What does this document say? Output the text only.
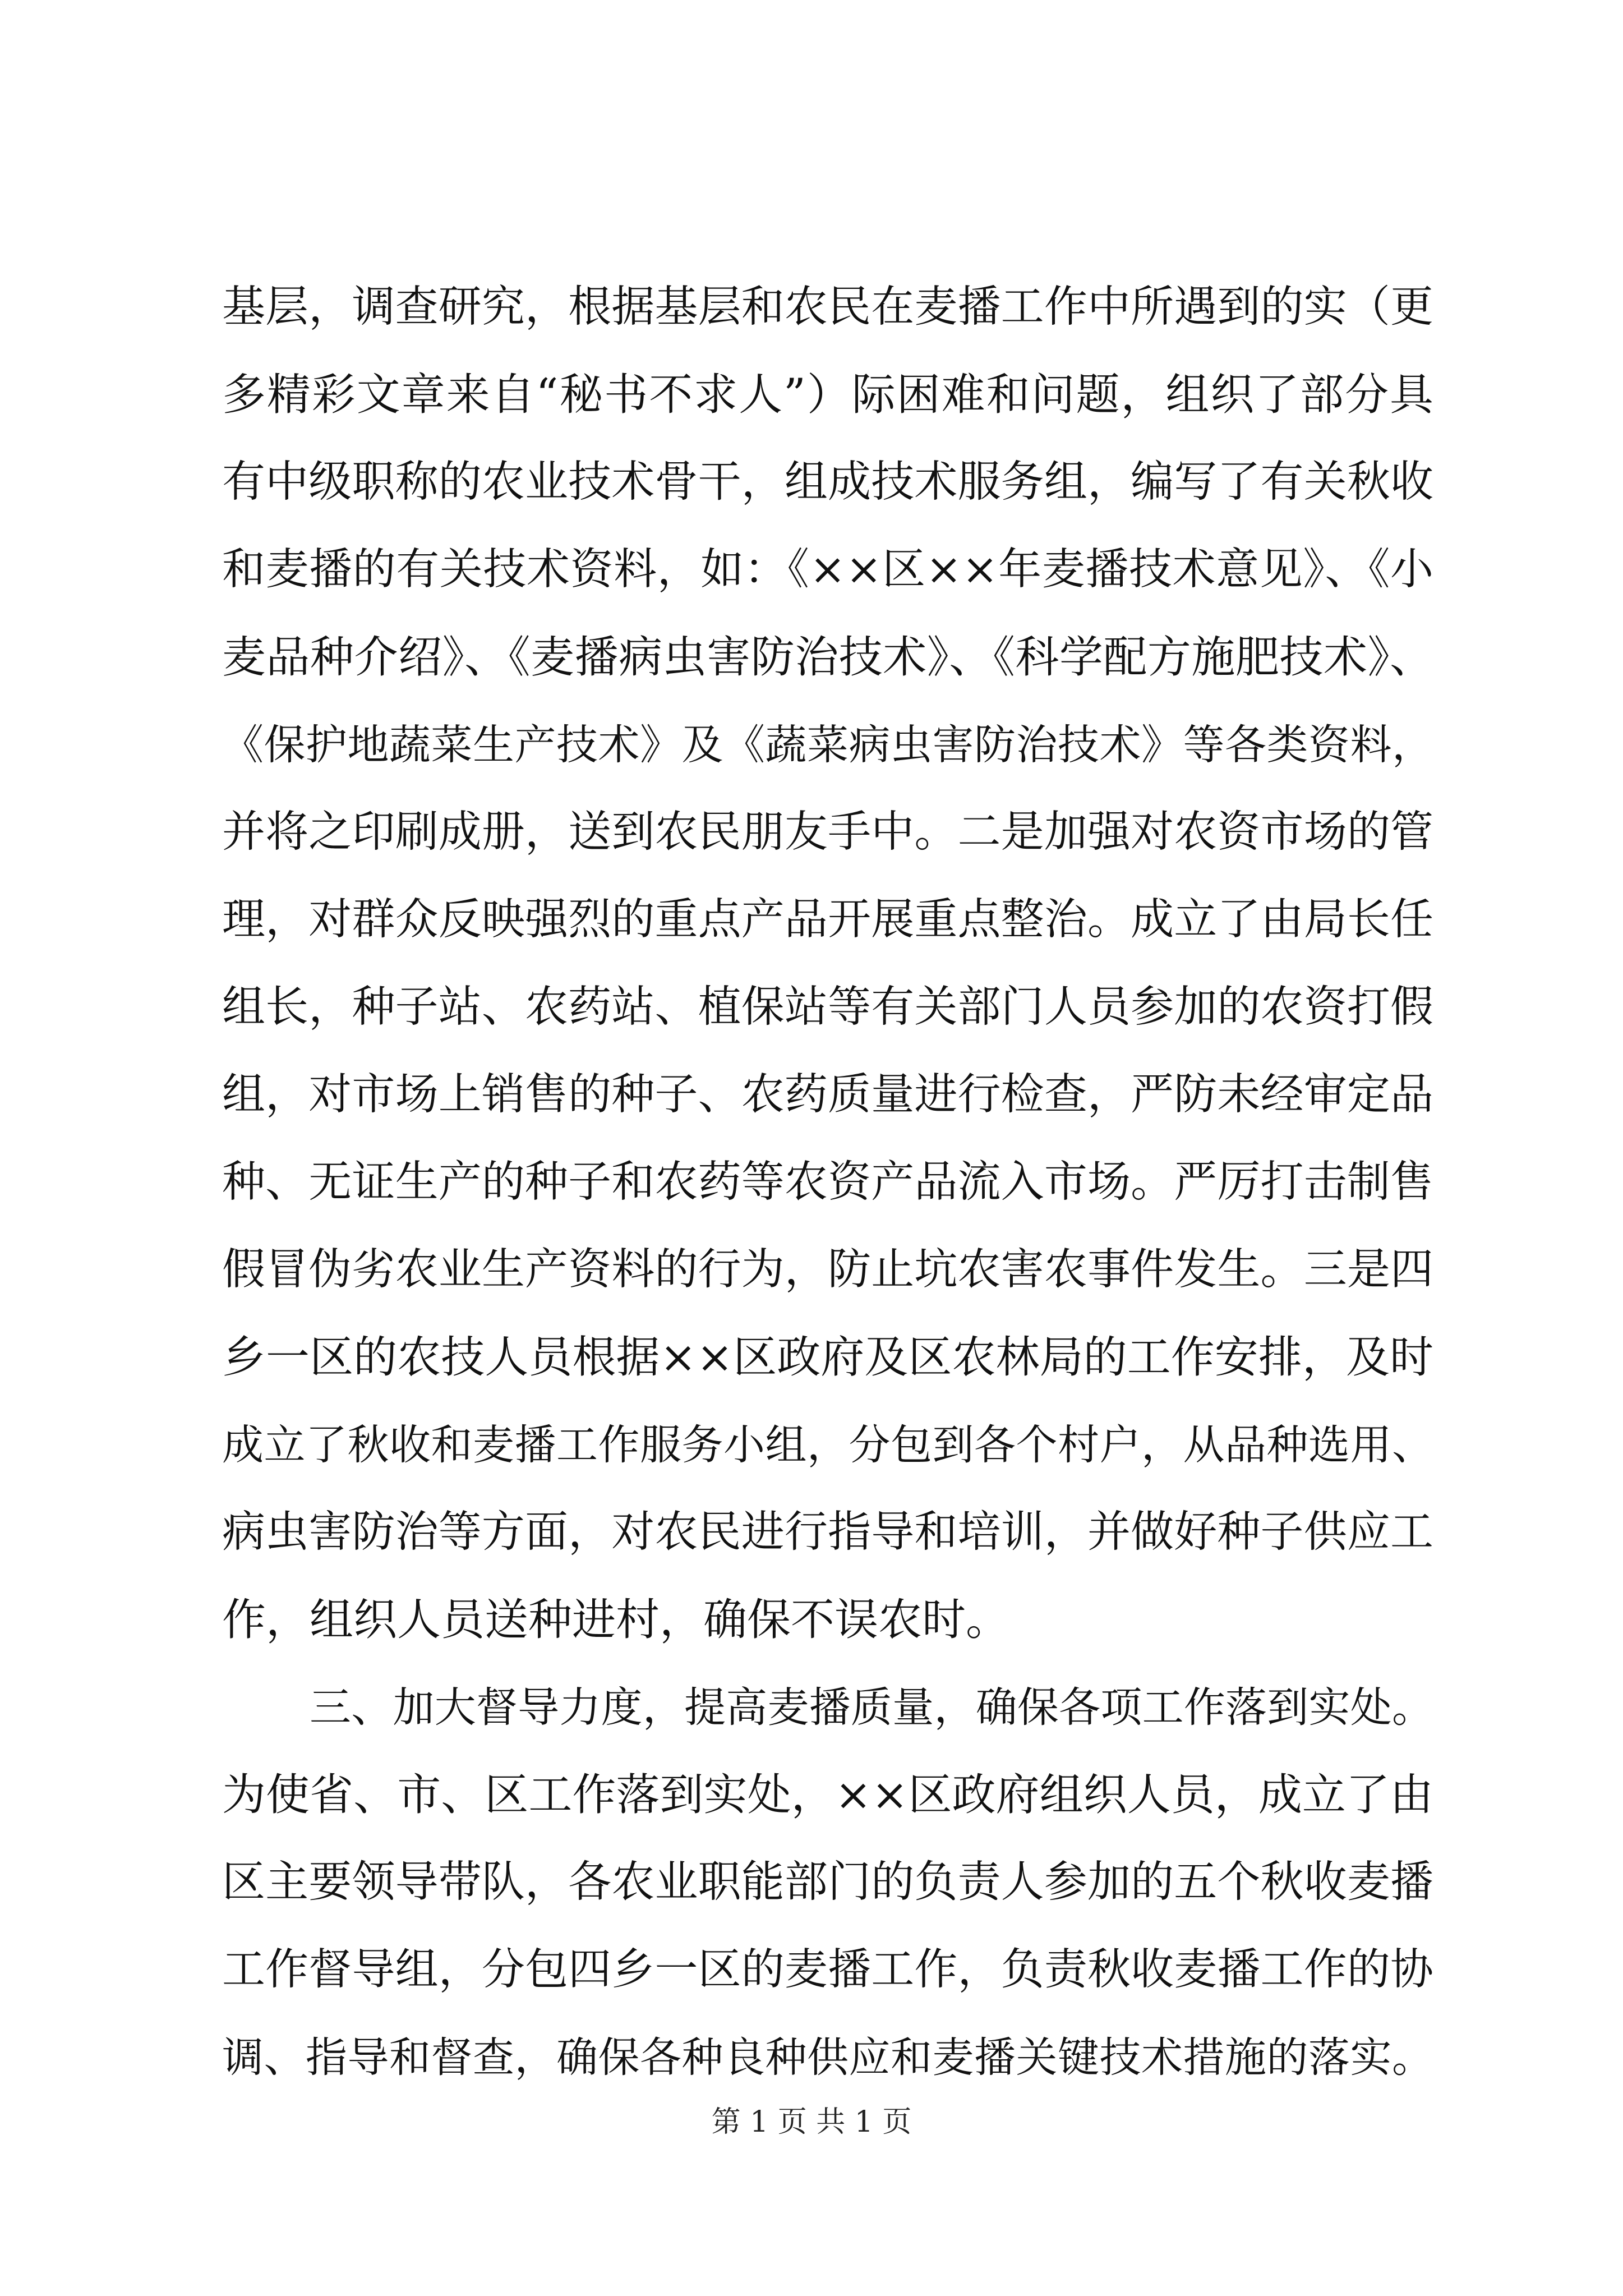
基层，调查研究，根据基层和农民在麦播工作中所遇到的实（更
多精彩文章来自“秘书不求人”）际困难和问题，组织了部分具
有中级职称的农业技术骨干，组成技术服务组，编写了有关秋收
和麦播的有关技术资料，如：《××区××年麦播技术意见》、《小
麦品种介绍》、《麦播病虫害防治技术》、《科学配方施肥技术》、
《保护地蔬菜生产技术》及《蔬菜病虫害防治技术》等各类资料，
并将之印刷成册，送到农民朋友手中。二是加强对农资市场的管
理，对群众反映强烈的重点产品开展重点整治。成立了由局长任
组长，种子站、农药站、植保站等有关部门人员参加的农资打假
组，对市场上销售的种子、农药质量进行检查，严防未经审定品
种、无证生产的种子和农药等农资产品流入市场。严厉打击制售
假冒伪劣农业生产资料的行为，防止坑农害农事件发生。三是四
乡一区的农技人员根据××区政府及区农林局的工作安排，及时
成立了秋收和麦播工作服务小组，分包到各个村户，从品种选用、
病虫害防治等方面，对农民进行指导和培训，并做好种子供应工
作，组织人员送种进村，确保不误农时。
三、加大督导力度，提高麦播质量，确保各项工作落到实处。
为使省、市、区工作落到实处，××区政府组织人员，成立了由
区主要领导带队，各农业职能部门的负责人参加的五个秋收麦播
工作督导组，分包四乡一区的麦播工作，负责秋收麦播工作的协
调、指导和督查，确保各种良种供应和麦播关键技术措施的落实。
第 1 页 共 1 页
